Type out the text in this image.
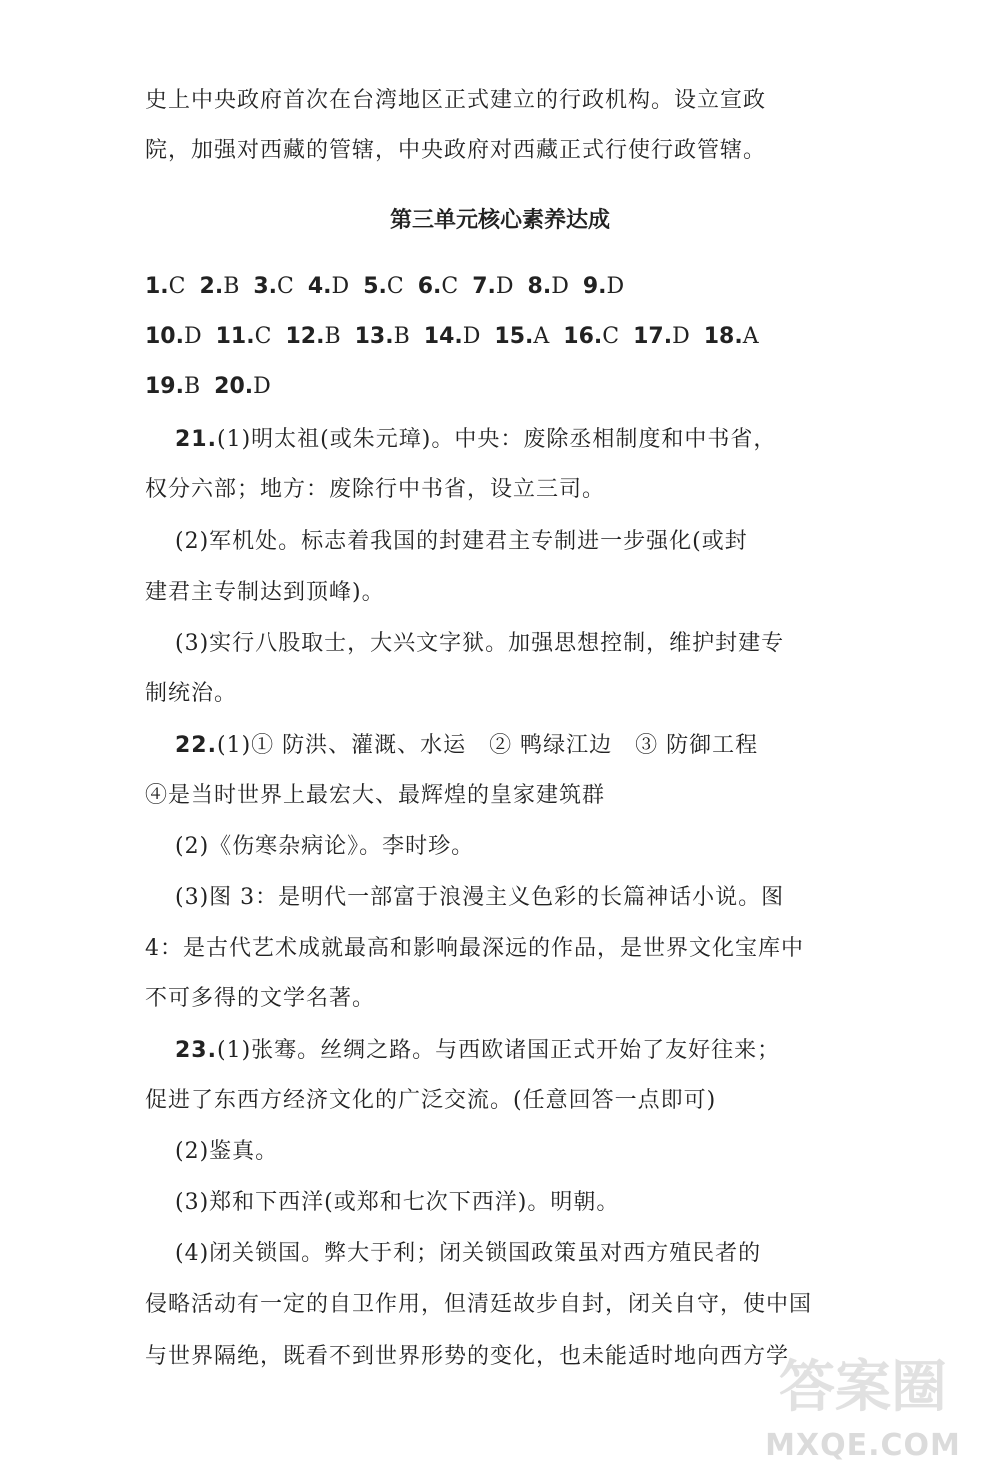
史上中央政府首次在台湾地区正式建立的行政机构。设立宣政
院，加强对西藏的管辖，中央政府对西藏正式行使行政管辖。
第三单元核心素养达成
1.C 2.B 3.C 4.D 5.C 6.C 7.D 8.D 9.D
10.D 11.C 12.B 13.B 14.D 15.A 16.C 17.D 18.A
19.B 20.D
21.(1)明太祖(或朱元璋)。中央：废除丞相制度和中书省，
权分六部；地方：废除行中书省，设立三司。
(2)军机处。标志着我国的封建君主专制进一步强化(或封
建君主专制达到顶峰)。
(3)实行八股取士，大兴文字狱。加强思想控制，维护封建专
制统治。
22.(1)① 防洪、灌溉、水运　② 鸭绿江边　③ 防御工程
④是当时世界上最宏大、最辉煌的皇家建筑群
(2)《伤寒杂病论》。李时珍。
(3)图 3：是明代一部富于浪漫主义色彩的长篇神话小说。图
4：是古代艺术成就最高和影响最深远的作品，是世界文化宝库中
不可多得的文学名著。
23.(1)张骞。丝绸之路。与西欧诸国正式开始了友好往来；
促进了东西方经济文化的广泛交流。(任意回答一点即可)
(2)鉴真。
(3)郑和下西洋(或郑和七次下西洋)。明朝。
(4)闭关锁国。弊大于利；闭关锁国政策虽对西方殖民者的
侵略活动有一定的自卫作用，但清廷故步自封，闭关自守，使中国
与世界隔绝，既看不到世界形势的变化，也未能适时地向西方学
答案圈
MXQE.COM
